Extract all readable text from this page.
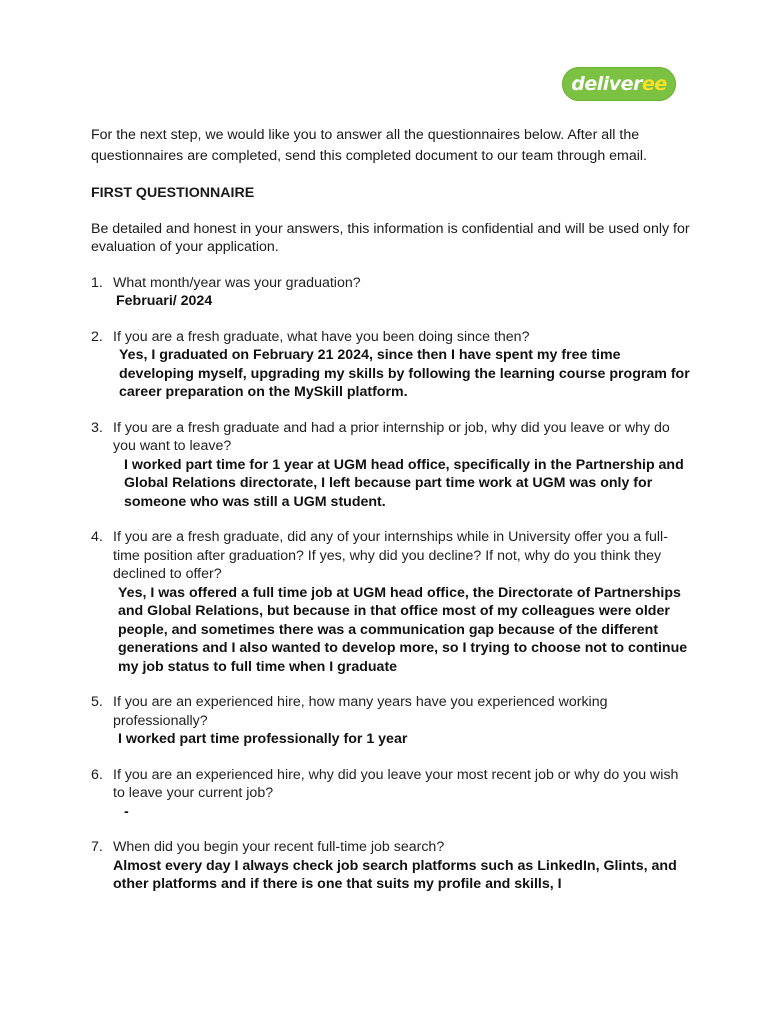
deliver ee

For the next step, we would like you to answer all the questionnaires below. After all the questionnaires are completed, send this completed document to our team through email.

FIRST QUESTIONNAIRE

Be detailed and honest in your answers, this information is confidential and will be used only for evaluation of your application.

1. What month/year was your graduation?
Februari/ 2024
2. If you are a fresh graduate, what have you been doing since then?
Yes, I graduated on February 21 2024, since then I have spent my free time developing myself, upgrading my skills by following the learning course program for career preparation on the MySkill platform.
3. If you are a fresh graduate and had a prior internship or job, why did you leave or why do you want to leave?
I worked part time for 1 year at UGM head office, specifically in the Partnership and Global Relations directorate, I left because part time work at UGM was only for someone who was still a UGM student.
4. If you are a fresh graduate, did any of your internships while in University offer you a full-time position after graduation? If yes, why did you decline? If not, why do you think they declined to offer?
Yes, I was offered a full time job at UGM head office, the Directorate of Partnerships and Global Relations, but because in that office most of my colleagues were older people, and sometimes there was a communication gap because of the different generations and I also wanted to develop more, so I trying to choose not to continue my job status to full time when I graduate
5. If you are an experienced hire, how many years have you experienced working professionally?
I worked part time professionally for 1 year
6. If you are an experienced hire, why did you leave your most recent job or why do you wish to leave your current job?
-
7. When did you begin your recent full-time job search?
Almost every day I always check job search platforms such as LinkedIn, Glints, and other platforms and if there is one that suits my profile and skills, I
